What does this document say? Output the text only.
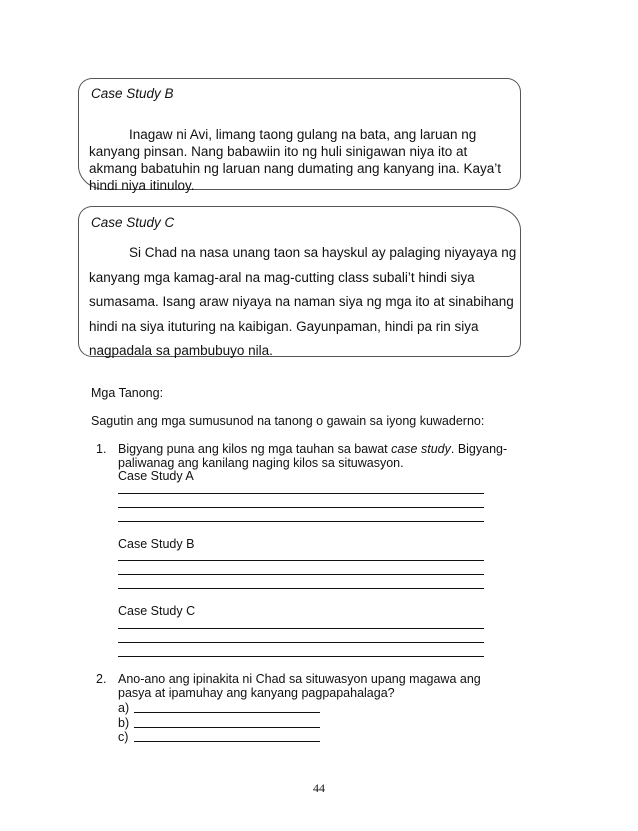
Case Study B

Inagaw ni Avi, limang taong gulang na bata, ang laruan ng kanyang pinsan. Nang babawiin ito ng huli sinigawan niya ito at akmang babatuhin ng laruan nang dumating ang kanyang ina. Kaya’t hindi niya itinuloy.

Case Study C

Si Chad na nasa unang taon sa hayskul ay palaging niyayaya ng kanyang mga kamag-aral na mag-cutting class subali’t hindi siya sumasama. Isang araw niyaya na naman siya ng mga ito at sinabihang hindi na siya ituturing na kaibigan. Gayunpaman, hindi pa rin siya nagpadala sa pambubuyo nila.

Mga Tanong:
Sagutin ang mga sumusunod na tanong o gawain sa iyong kuwaderno:
1. Bigyang puna ang kilos ng mga tauhan sa bawat case study. Bigyang-paliwanag ang kanilang naging kilos sa situwasyon.
Case Study A
Case Study B
Case Study C
2. Ano-ano ang ipinakita ni Chad sa situwasyon upang magawa ang pasya at ipamuhay ang kanyang pagpapahalaga?
a)
b)
c)
44
